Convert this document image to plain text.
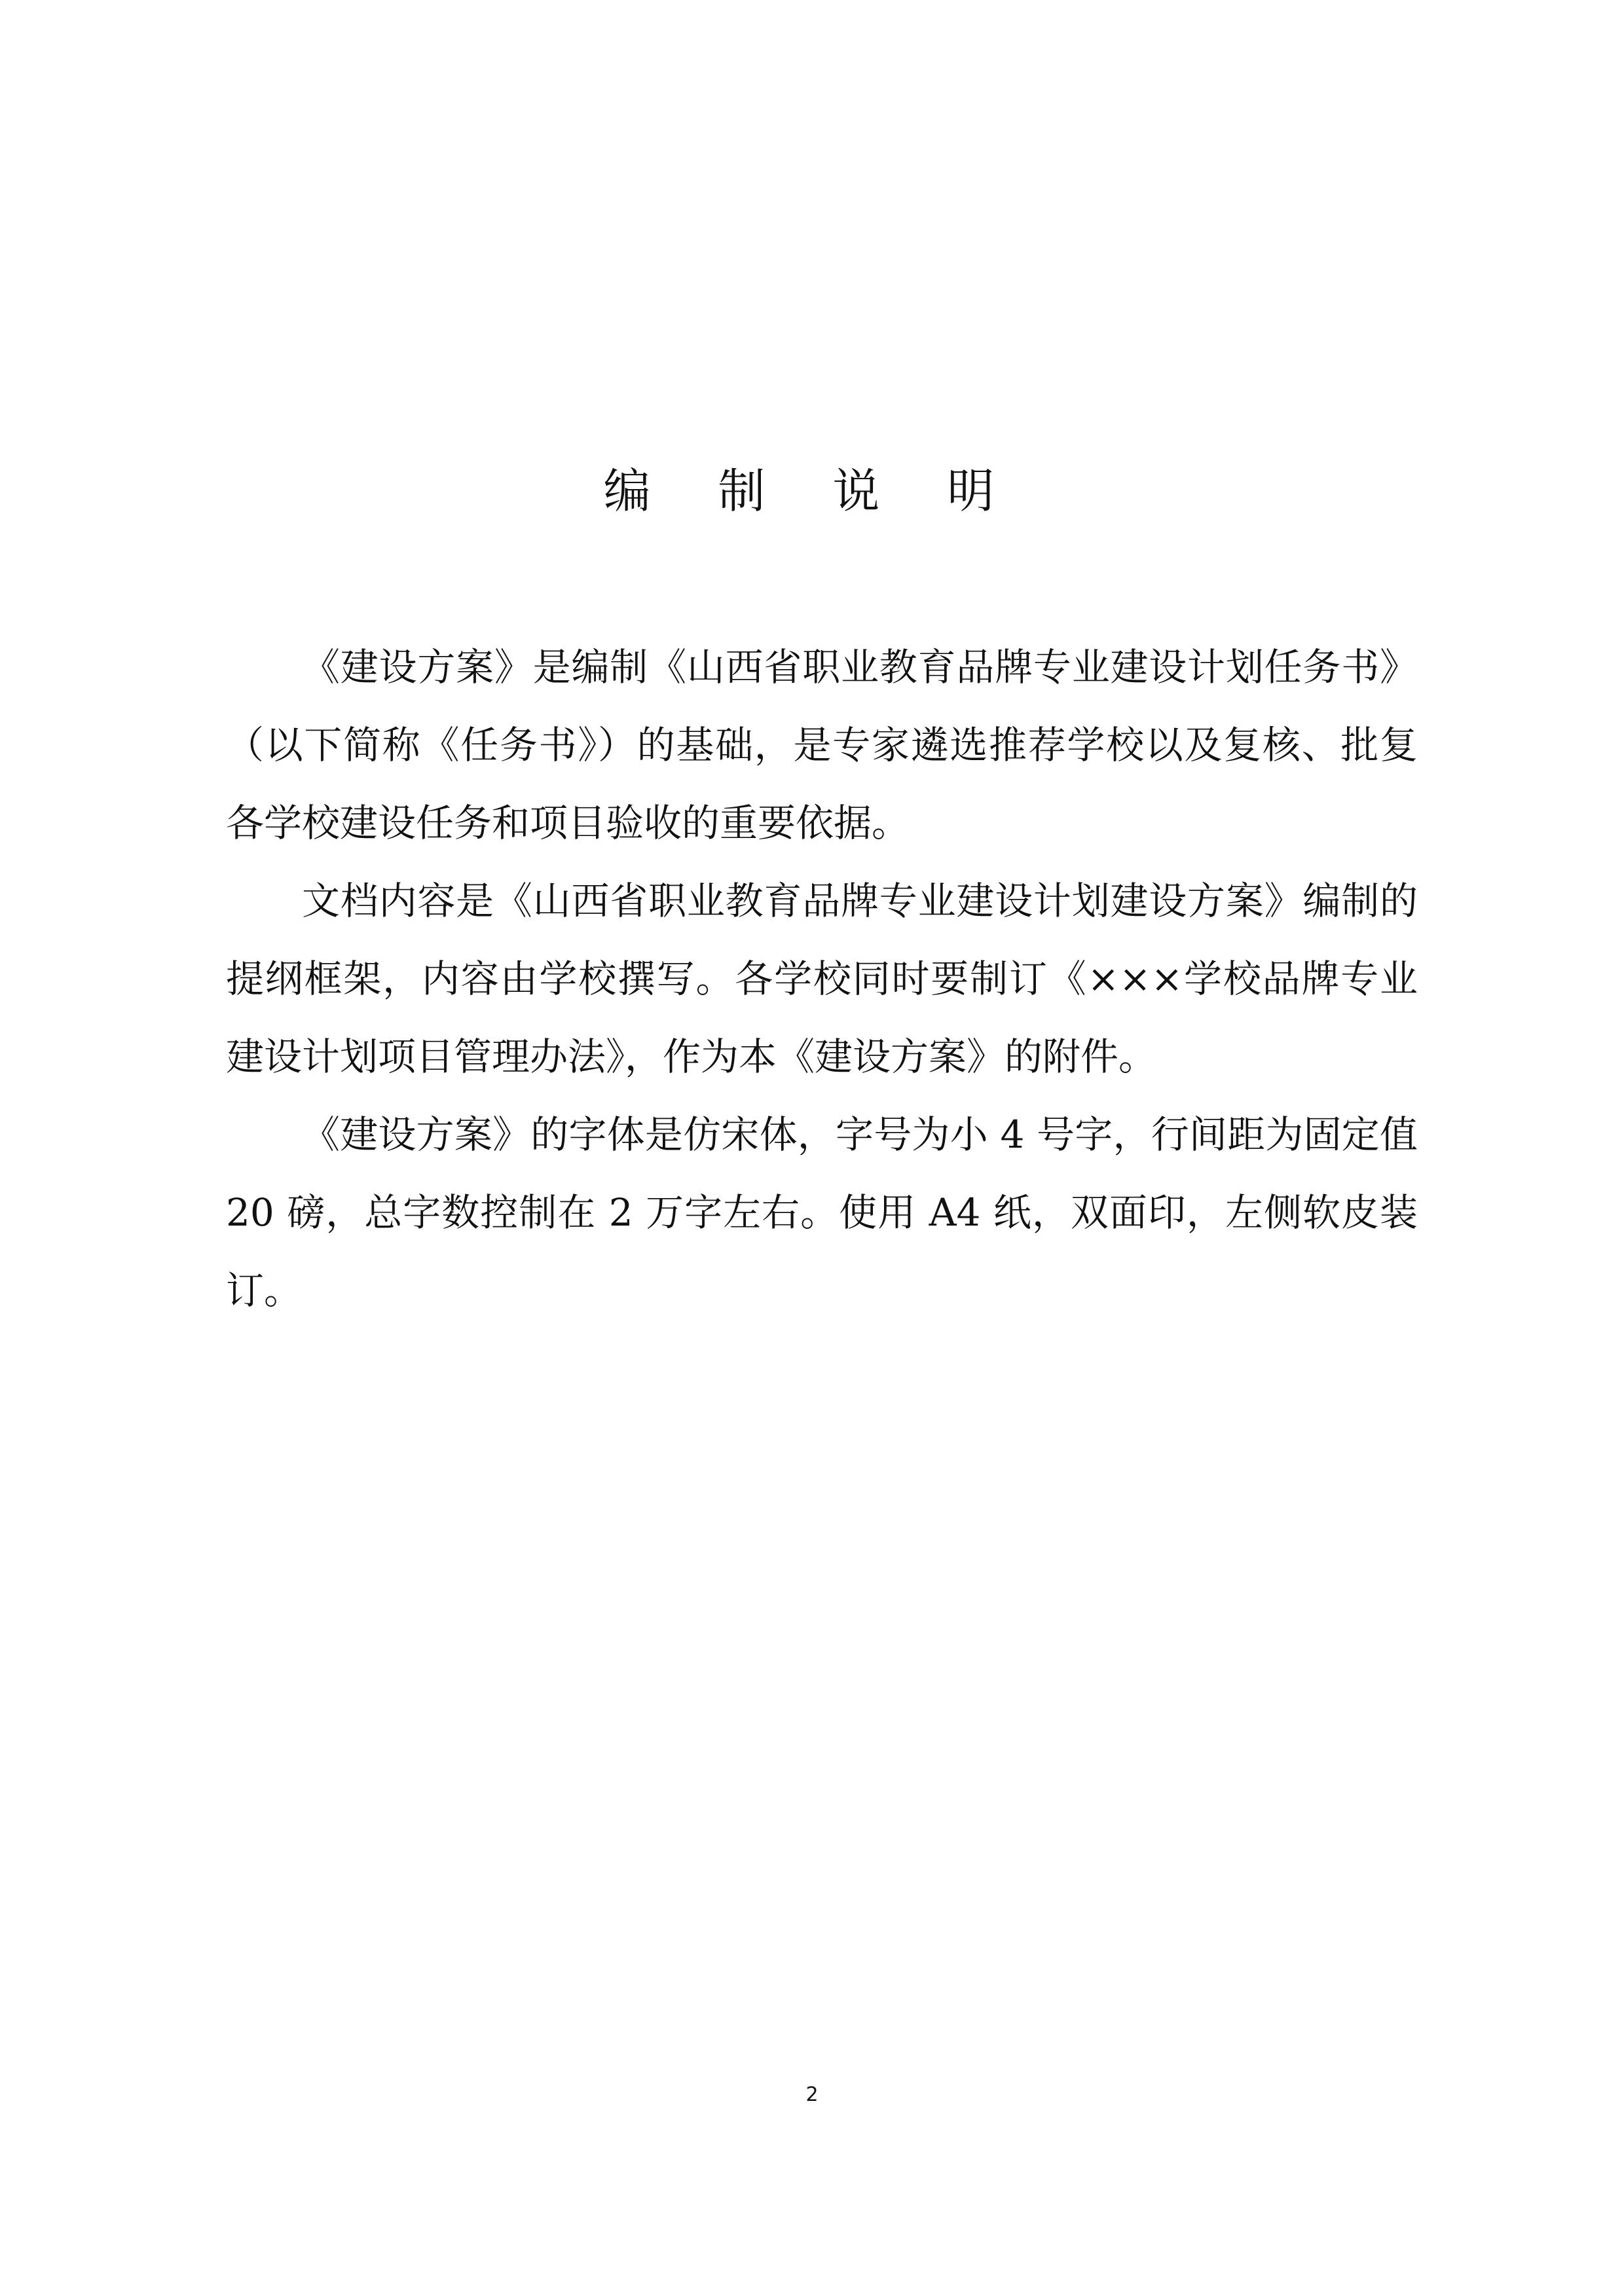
编 制 说 明

《建设方案》是编制《山西省职业教育品牌专业建设计划任务书》（以下简称《任务书》）的基础，是专家遴选推荐学校以及复核、批复各学校建设任务和项目验收的重要依据。

文档内容是《山西省职业教育品牌专业建设计划建设方案》编制的提纲框架，内容由学校撰写。各学校同时要制订《×××学校品牌专业建设计划项目管理办法》，作为本《建设方案》的附件。

《建设方案》的字体是仿宋体，字号为小 4 号字，行间距为固定值 20 磅，总字数控制在 2 万字左右。使用 A4 纸，双面印，左侧软皮装订。

2
